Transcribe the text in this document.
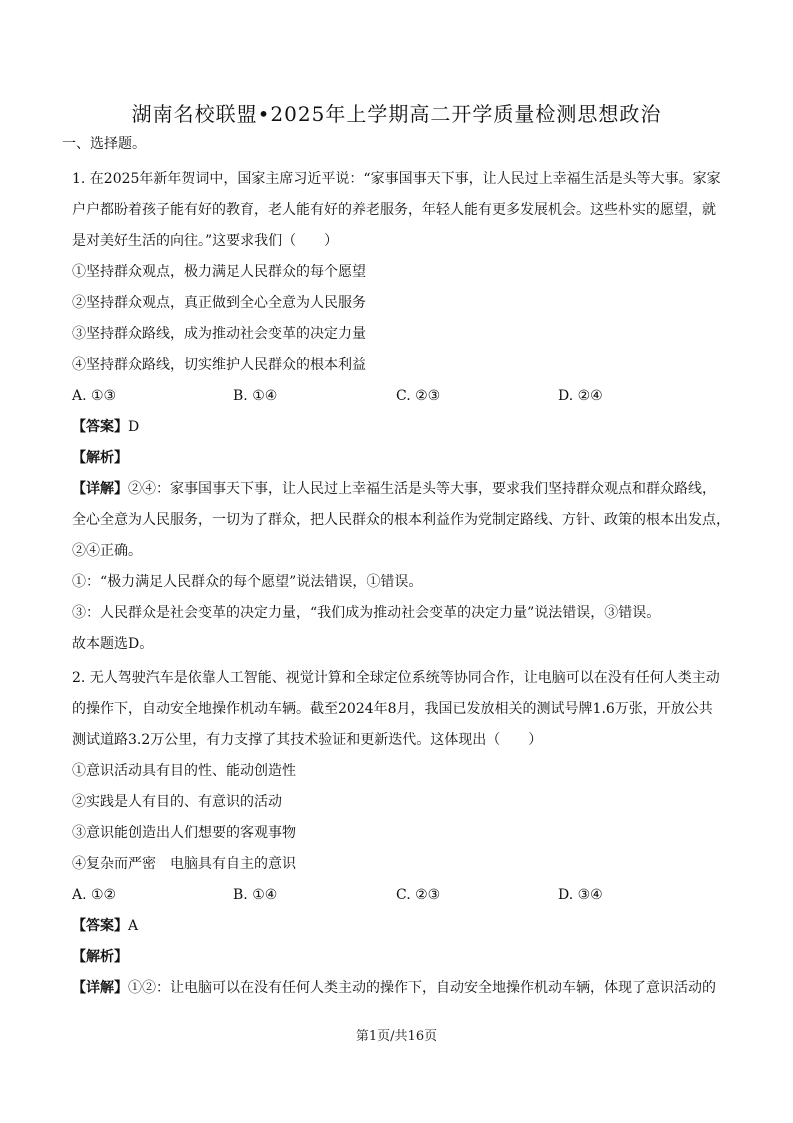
湖南名校联盟•2025年上学期高二开学质量检测思想政治
一、选择题。
1. 在2025年新年贺词中，国家主席习近平说：“家事国事天下事，让人民过上幸福生活是头等大事。家家
户户都盼着孩子能有好的教育，老人能有好的养老服务，年轻人能有更多发展机会。这些朴实的愿望，就
是对美好生活的向往。”这要求我们（　　）
①坚持群众观点，极力满足人民群众的每个愿望
②坚持群众观点，真正做到全心全意为人民服务
③坚持群众路线，成为推动社会变革的决定力量
④坚持群众路线，切实维护人民群众的根本利益
A. ①③	B. ①④	C. ②③	D. ②④
【答案】D
【解析】
【详解】②④：家事国事天下事，让人民过上幸福生活是头等大事，要求我们坚持群众观点和群众路线，
全心全意为人民服务，一切为了群众，把人民群众的根本利益作为党制定路线、方针、政策的根本出发点，
②④正确。
①：“极力满足人民群众的每个愿望”说法错误，①错误。
③：人民群众是社会变革的决定力量，“我们成为推动社会变革的决定力量”说法错误，③错误。
故本题选D。
2. 无人驾驶汽车是依靠人工智能、视觉计算和全球定位系统等协同合作，让电脑可以在没有任何人类主动
的操作下，自动安全地操作机动车辆。截至2024年8月，我国已发放相关的测试号牌1.6万张，开放公共
测试道路3.2万公里，有力支撑了其技术验证和更新迭代。这体现出（　　）
①意识活动具有目的性、能动创造性
②实践是人有目的、有意识的活动
③意识能创造出人们想要的客观事物
④复杂而严密　电脑具有自主的意识
A. ①②	B. ①④	C. ②③	D. ③④
【答案】A
【解析】
【详解】①②：让电脑可以在没有任何人类主动的操作下，自动安全地操作机动车辆，体现了意识活动的
第1页/共16页
